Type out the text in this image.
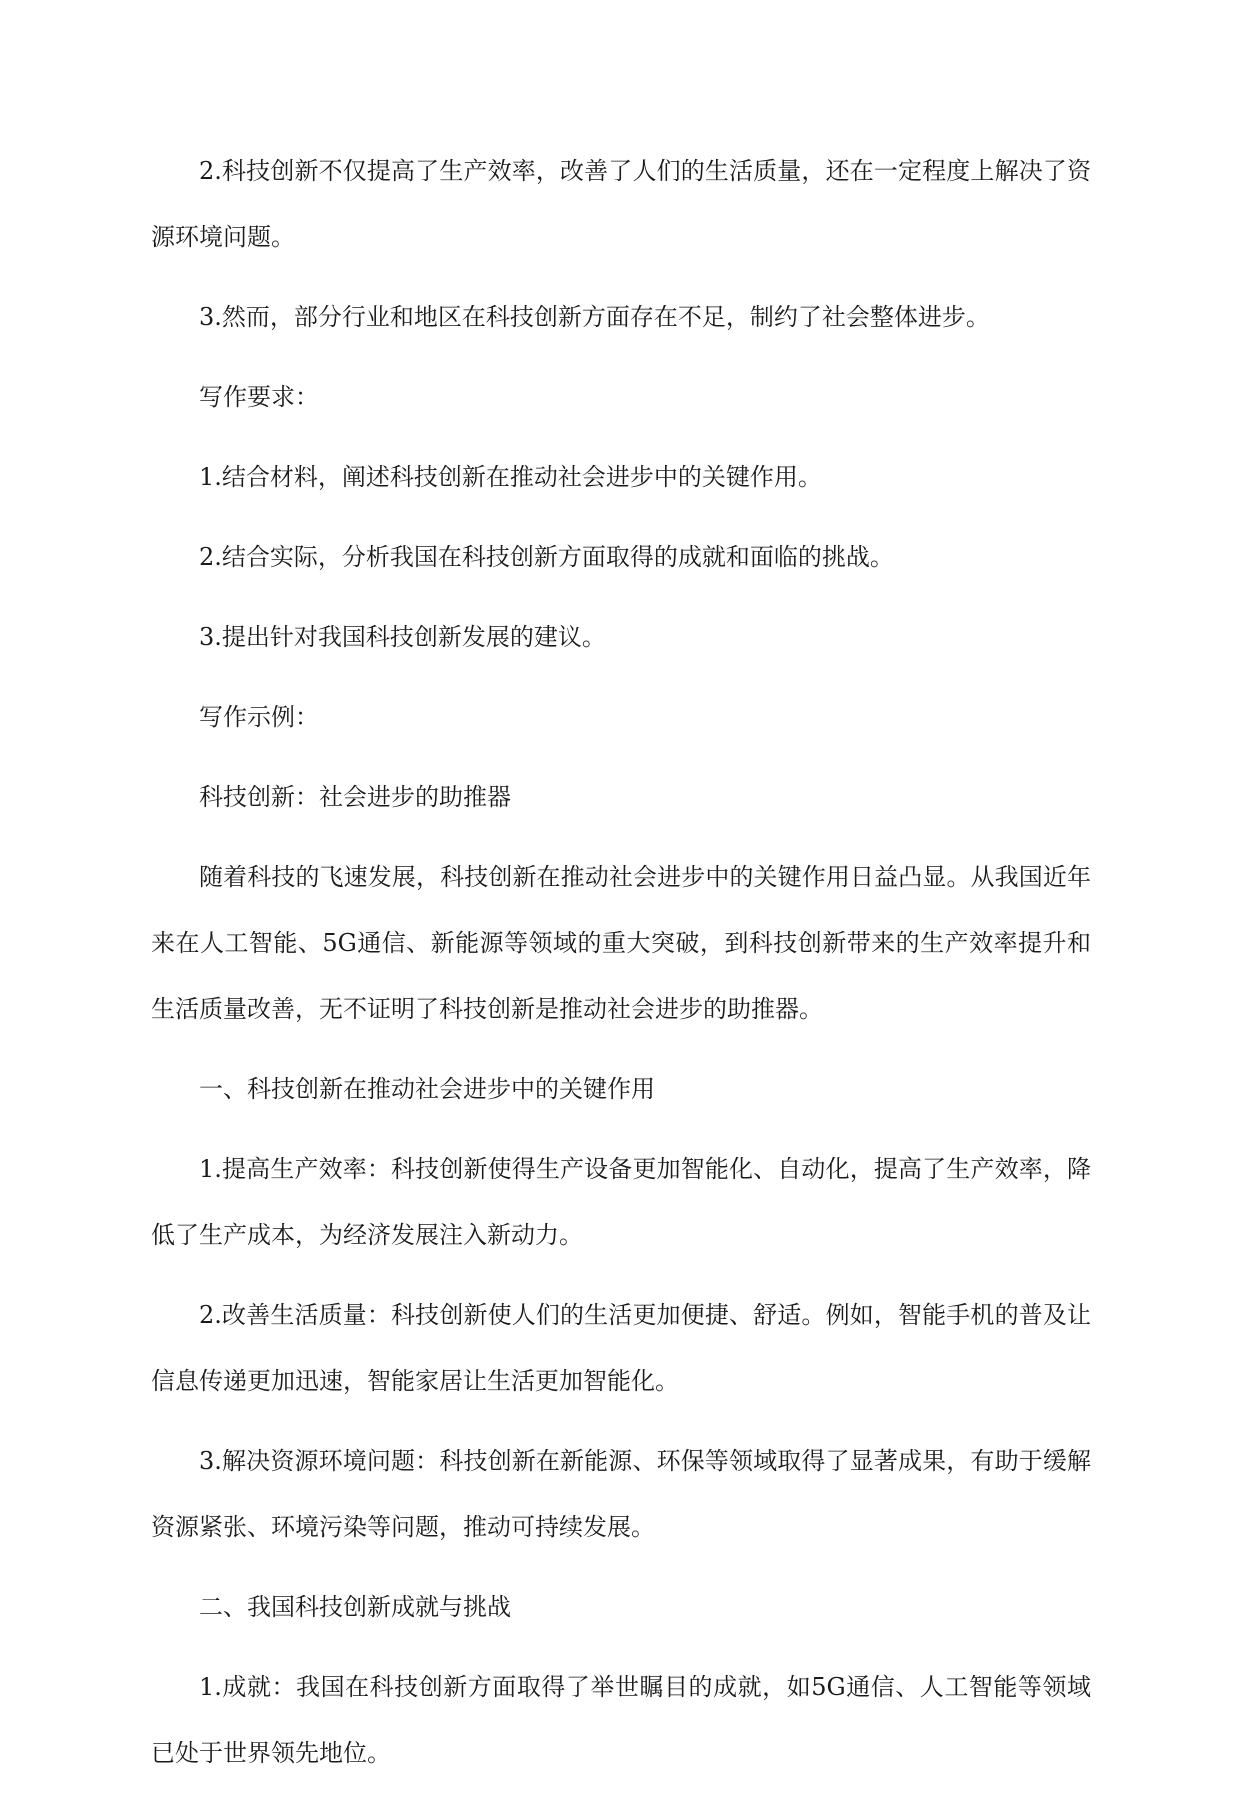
2.科技创新不仅提高了生产效率，改善了人们的生活质量，还在一定程度上解决了资源环境问题。

3.然而，部分行业和地区在科技创新方面存在不足，制约了社会整体进步。

写作要求：

1.结合材料，阐述科技创新在推动社会进步中的关键作用。

2.结合实际，分析我国在科技创新方面取得的成就和面临的挑战。

3.提出针对我国科技创新发展的建议。

写作示例：

科技创新：社会进步的助推器

随着科技的飞速发展，科技创新在推动社会进步中的关键作用日益凸显。从我国近年来在人工智能、5G通信、新能源等领域的重大突破，到科技创新带来的生产效率提升和生活质量改善，无不证明了科技创新是推动社会进步的助推器。

一、科技创新在推动社会进步中的关键作用

1.提高生产效率：科技创新使得生产设备更加智能化、自动化，提高了生产效率，降低了生产成本，为经济发展注入新动力。

2.改善生活质量：科技创新使人们的生活更加便捷、舒适。例如，智能手机的普及让信息传递更加迅速，智能家居让生活更加智能化。

3.解决资源环境问题：科技创新在新能源、环保等领域取得了显著成果，有助于缓解资源紧张、环境污染等问题，推动可持续发展。

二、我国科技创新成就与挑战

1.成就：我国在科技创新方面取得了举世瞩目的成就，如5G通信、人工智能等领域已处于世界领先地位。
